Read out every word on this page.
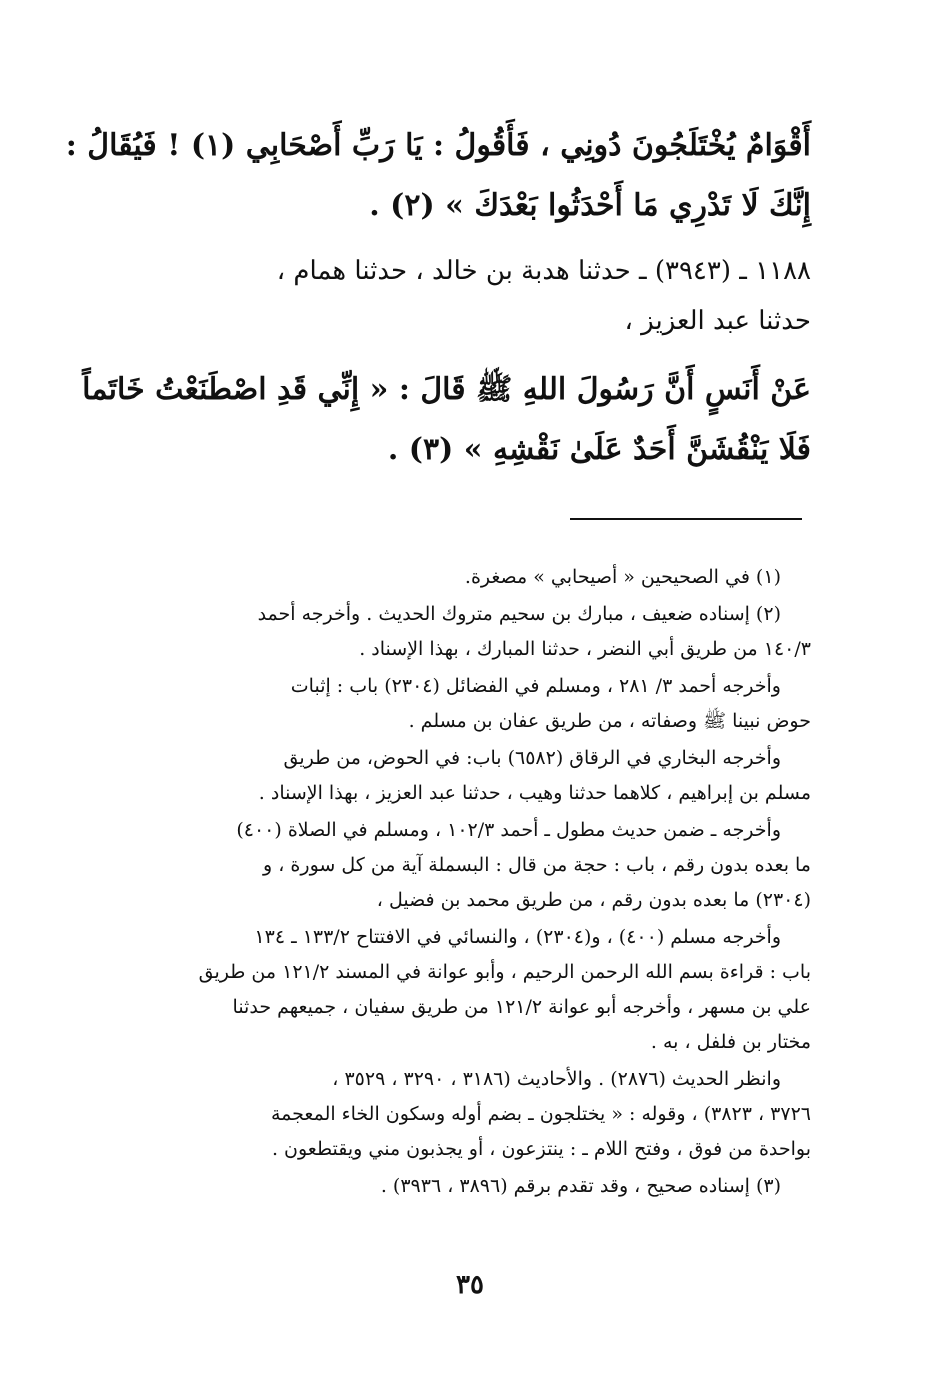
أَقْوَامٌ يُخْتَلَجُونَ دُونِي ، فَأَقُولُ : يَا رَبِّ أَصْحَابِي (١) ! فَيُقَالُ :
إِنَّكَ لَا تَدْرِي مَا أَحْدَثُوا بَعْدَكَ » (٢) .
١١٨٨ ـ (٣٩٤٣) ـ حدثنا هدبة بن خالد ، حدثنا همام ،
حدثنا عبد العزيز ،
عَنْ أَنَسٍ أَنَّ رَسُولَ اللهِ ﷺ قَالَ : « إِنِّي قَدِ اصْطَنَعْتُ خَاتَماً
فَلَا يَنْقُشَنَّ أَحَدٌ عَلَىٰ نَقْشِهِ » (٣) .
(١) في الصحيحين « أصيحابي » مصغرة.
(٢) إسناده ضعيف ، مبارك بن سحيم متروك الحديث . وأخرجه أحمد
١٤٠/٣ من طريق أبي النضر ، حدثنا المبارك ، بهذا الإسناد .
وأخرجه أحمد ٣/ ٢٨١ ، ومسلم في الفضائل (٢٣٠٤) باب : إثبات
حوض نبينا ﷺ وصفاته ، من طريق عفان بن مسلم .
وأخرجه البخاري في الرقاق (٦٥٨٢) باب: في الحوض، من طريق
مسلم بن إبراهيم ، كلاهما حدثنا وهيب ، حدثنا عبد العزيز ، بهذا الإسناد .
وأخرجه ـ ضمن حديث مطول ـ أحمد ١٠٢/٣ ، ومسلم في الصلاة (٤٠٠)
ما بعده بدون رقم ، باب : حجة من قال : البسملة آية من كل سورة ، و
(٢٣٠٤) ما بعده بدون رقم ، من طريق محمد بن فضيل ،
وأخرجه مسلم (٤٠٠) ، و(٢٣٠٤) ، والنسائي في الافتتاح ١٣٣/٢ ـ ١٣٤
باب : قراءة بسم الله الرحمن الرحيم ، وأبو عوانة في المسند ١٢١/٢ من طريق
علي بن مسهر ، وأخرجه أبو عوانة ١٢١/٢ من طريق سفيان ، جميعهم حدثنا
مختار بن فلفل ، به .
وانظر الحديث (٢٨٧٦) . والأحاديث (٣١٨٦ ، ٣٢٩٠ ، ٣٥٢٩ ،
٣٧٢٦ ، ٣٨٢٣) ، وقوله : « يختلجون ـ بضم أوله وسكون الخاء المعجمة
بواحدة من فوق ، وفتح اللام ـ : ينتزعون ، أو يجذبون مني ويقتطعون .
(٣) إسناده صحيح ، وقد تقدم برقم (٣٨٩٦ ، ٣٩٣٦) .
٣٥
